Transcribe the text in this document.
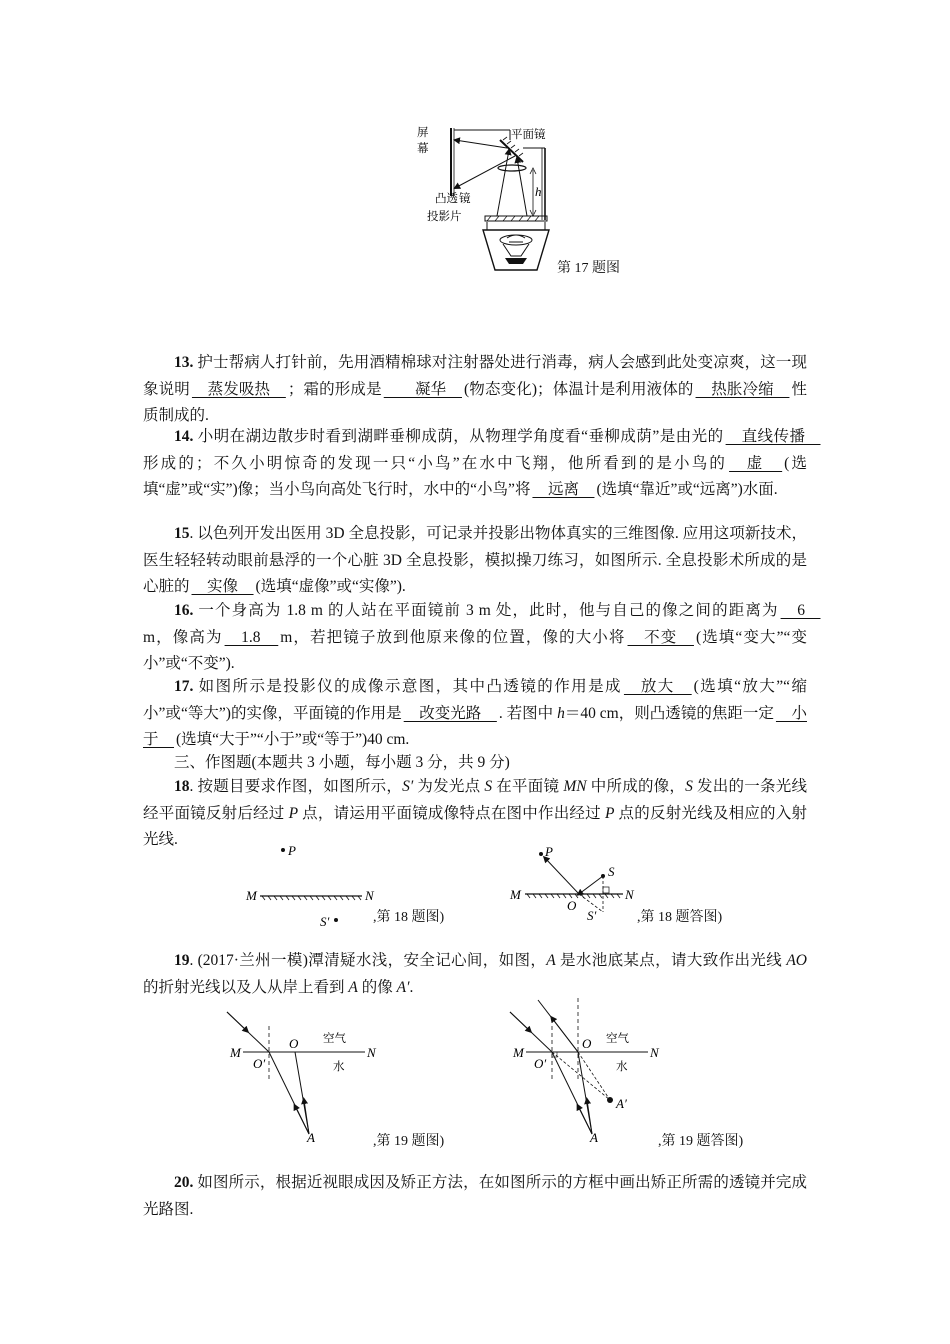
屏
幕
平面镜
凸透 镜
投影片
h
第 17 题图
13. 护士帮病人打针前，先用酒精棉球对注射器处进行消毒，病人会感到此处变凉爽，这一现象说明　蒸发吸热　；霜的形成是　　凝华　(物态变化)；体温计是利用液体的　热胀冷缩　性质制成的.
14. 小明在湖边散步时看到湖畔垂柳成荫，从物理学角度看“垂柳成荫”是由光的　直线传播　形成的；不久小明惊奇的发现一只“小鸟”在水中飞翔，他所看到的是小鸟的　虚　(选填“虚”或“实”)像；当小鸟向高处飞行时，水中的“小鸟”将　远离　(选填“靠近”或“远离”)水面.
15. 以色列开发出医用 3D 全息投影，可记录并投影出物体真实的三维图像. 应用这项新技术，医生轻轻转动眼前悬浮的一个心脏 3D 全息投影，模拟操刀练习，如图所示. 全息投影术所成的是心脏的　实像　(选填“虚像”或“实像”).
16. 一个身高为 1.8 m 的人站在平面镜前 3 m 处，此时，他与自己的像之间的距离为　6　m，像高为　1.8　m，若把镜子放到他原来像的位置，像的大小将　不变　(选填“变大”“变小”或“不变”).
17. 如图所示是投影仪的成像示意图，其中凸透镜的作用是成　放大　(选填“放大”“缩小”或“等大”)的实像，平面镜的作用是　改变光路　. 若图中 h＝40 cm，则凸透镜的焦距一定　小于　(选填“大于”“小于”或“等于”)40 cm.
三、作图题(本题共 3 小题，每小题 3 分，共 9 分)
18. 按题目要求作图，如图所示，S′ 为发光点 S 在平面镜 MN 中所成的像，S 发出的一条光线经平面镜反射后经过 P 点，请运用平面镜成像特点在图中作出经过 P 点的反射光线及相应的入射光线.
P
M	N
S′	,第 18 题图)
P
M	N
S
O
S′	,第 18 题答图)
19. (2017·兰州一模)潭清疑水浅，安全记心间，如图，A 是水池底某点，请大致作出光线 AO 的折射光线以及人从岸上看到 A 的像 A′.
M	N
O
O′
空气
水
A	,第 19 题图)
M	N
O
O′
空气
水
A′
A	,第 19 题答图)
20. 如图所示，根据近视眼成因及矫正方法，在如图所示的方框中画出矫正所需的透镜并完成光路图.
